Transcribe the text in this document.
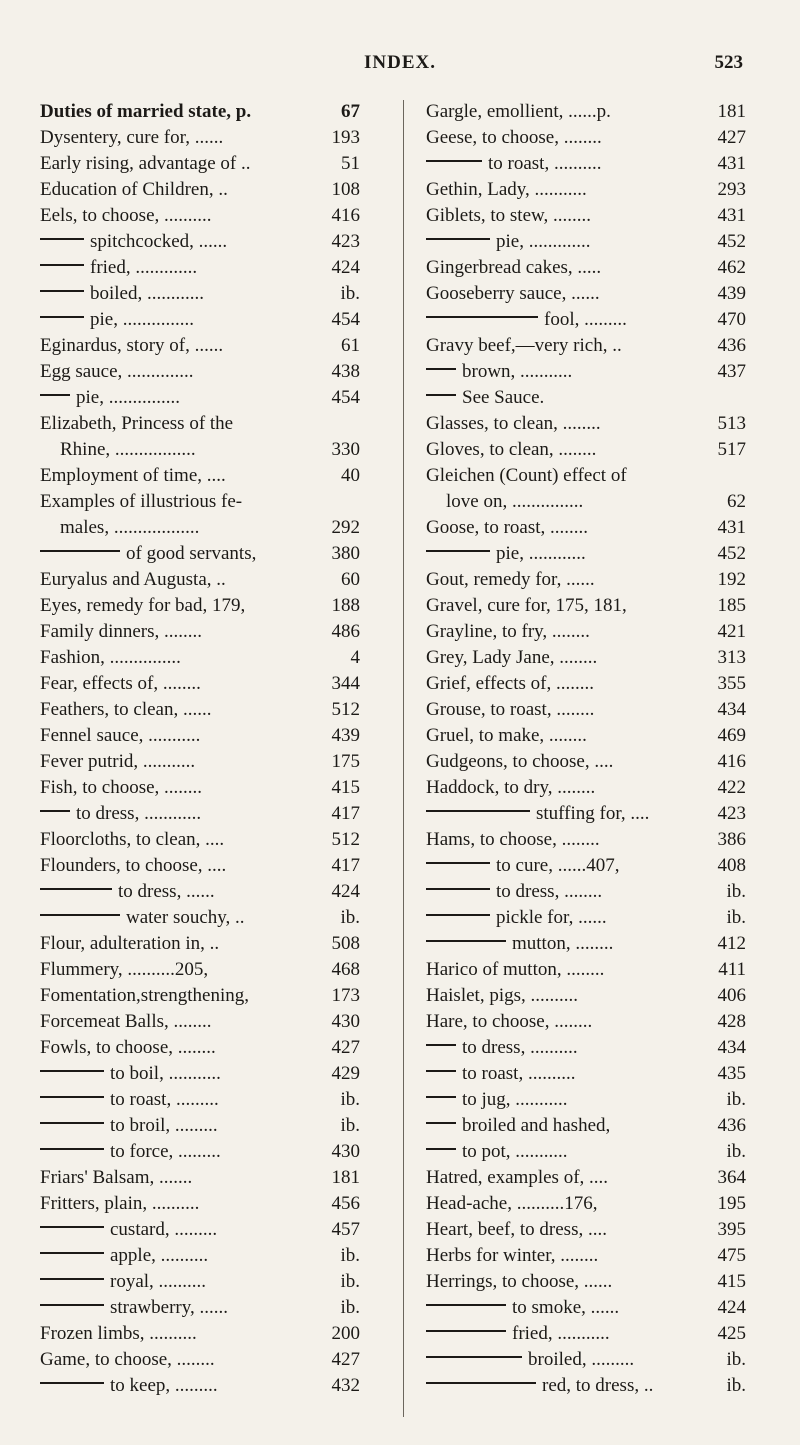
INDEX.	523
Duties of married state, p.	67
Dysentery, cure for, ......	193
Early rising, advantage of ..	51
Education of Children, ..	108
Eels, to choose, ..........	416
spitchcocked, ......	423
fried, .............	424
boiled, ............	ib.
pie, ...............	454
Eginardus, story of, ......	61
Egg sauce, ..............	438
pie, ...............	454
Elizabeth, Princess of the
Rhine, .................	330
Employment of time, ....	40
Examples of illustrious fe-
males, ..................	292
of good servants,	380
Euryalus and Augusta, ..	60
Eyes, remedy for bad, 179,	188
Family dinners, ........	486
Fashion, ...............	4
Fear, effects of, ........	344
Feathers, to clean, ......	512
Fennel sauce, ...........	439
Fever putrid, ...........	175
Fish, to choose, ........	415
to dress, ............	417
Floorcloths, to clean, ....	512
Flounders, to choose, ....	417
to dress, ......	424
water souchy, ..	ib.
Flour, adulteration in, ..	508
Flummery, ..........205,	468
Fomentation,strengthening,	173
Forcemeat Balls, ........	430
Fowls, to choose, ........	427
to boil, ...........	429
to roast, .........	ib.
to broil, .........	ib.
to force, .........	430
Friars' Balsam, .......	181
Fritters, plain, ..........	456
custard, .........	457
apple, ..........	ib.
royal, ..........	ib.
strawberry, ......	ib.
Frozen limbs, ..........	200
Game, to choose, ........	427
to keep, .........	432
Gargle, emollient, ......p.	181
Geese, to choose, ........	427
to roast, ..........	431
Gethin, Lady, ...........	293
Giblets, to stew, ........	431
pie, .............	452
Gingerbread cakes, .....	462
Gooseberry sauce, ......	439
fool, .........	470
Gravy beef,—very rich, ..	436
brown, ...........	437
See Sauce.
Glasses, to clean, ........	513
Gloves, to clean, ........	517
Gleichen (Count) effect of
love on, ...............	62
Goose, to roast, ........	431
pie, ............	452
Gout, remedy for, ......	192
Gravel, cure for, 175, 181,	185
Grayline, to fry, ........	421
Grey, Lady Jane, ........	313
Grief, effects of, ........	355
Grouse, to roast, ........	434
Gruel, to make, ........	469
Gudgeons, to choose, ....	416
Haddock, to dry, ........	422
stuffing for, ....	423
Hams, to choose, ........	386
to cure, ......407,	408
to dress, ........	ib.
pickle for, ......	ib.
mutton, ........	412
Harico of mutton, ........	411
Haislet, pigs, ..........	406
Hare, to choose, ........	428
to dress, ..........	434
to roast, ..........	435
to jug, ...........	ib.
broiled and hashed,	436
to pot, ...........	ib.
Hatred, examples of, ....	364
Head-ache, ..........176,	195
Heart, beef, to dress, ....	395
Herbs for winter, ........	475
Herrings, to choose, ......	415
to smoke, ......	424
fried, ...........	425
broiled, .........	ib.
red, to dress, ..	ib.
